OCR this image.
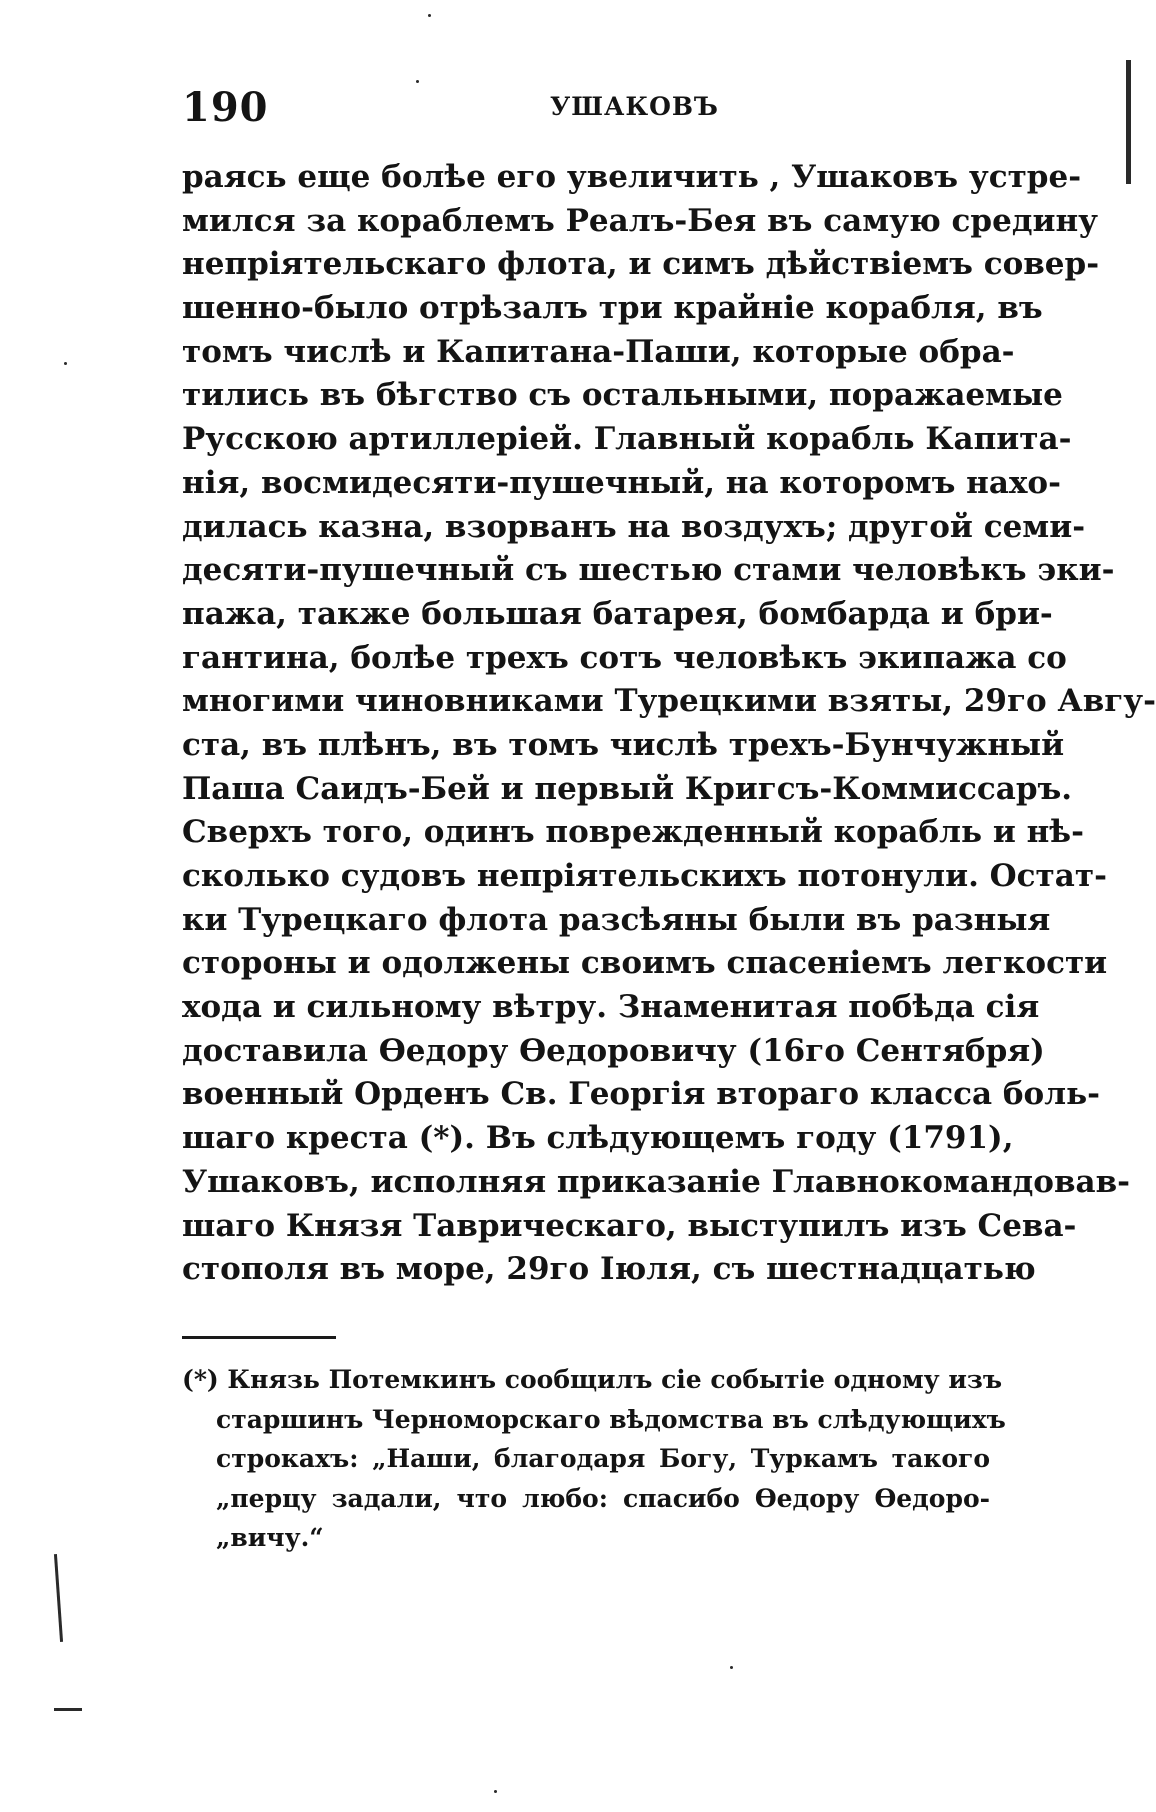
190	УШАКОВЪ
раясь еще болѣе его увеличить , Ушаковъ устре-
мился за кораблемъ Реалъ-Бея въ самую средину
непріятельскаго флота, и симъ дѣйствіемъ совер-
шенно-было отрѣзалъ три крайніе корабля, въ
томъ числѣ и Капитана-Паши, которые обра-
тились въ бѣгство съ остальными, поражаемые
Русскою артиллеріей. Главный корабль Капита-
нія, восмидесяти-пушечный, на которомъ нахо-
дилась казна, взорванъ на воздухъ; другой семи-
десяти-пушечный съ шестью стами человѣкъ эки-
пажа, также большая батарея, бомбарда и бри-
гантина, болѣе трехъ сотъ человѣкъ экипажа со
многими чиновниками Турецкими взяты, 29го Авгу-
ста, въ плѣнъ, въ томъ числѣ трехъ-Бунчужный
Паша Саидъ-Бей и первый Кригсъ-Коммиссаръ.
Сверхъ того, одинъ поврежденный корабль и нѣ-
сколько судовъ непріятельскихъ потонули. Остат-
ки Турецкаго флота разсѣяны были въ разныя
стороны и одолжены своимъ спасеніемъ легкости
хода и сильному вѣтру. Знаменитая побѣда сія
доставила Ѳедору Ѳедоровичу (16го Сентября)
военный Орденъ Св. Георгія втораго класса боль-
шаго креста (*). Въ слѣдующемъ году (1791),
Ушаковъ, исполняя приказаніе Главнокомандовав-
шаго Князя Таврическаго, выступилъ изъ Сева-
стополя въ море, 29го Іюля, съ шестнадцатью
(*) Князь Потемкинъ сообщилъ сіе событіе одному изъ
старшинъ Черноморскаго вѣдомства въ слѣдующихъ
строкахъ: „Наши, благодаря Богу, Туркамъ такого
„перцу задали, что любо: спасибо Ѳедору Ѳедоро-
„вичу.“
